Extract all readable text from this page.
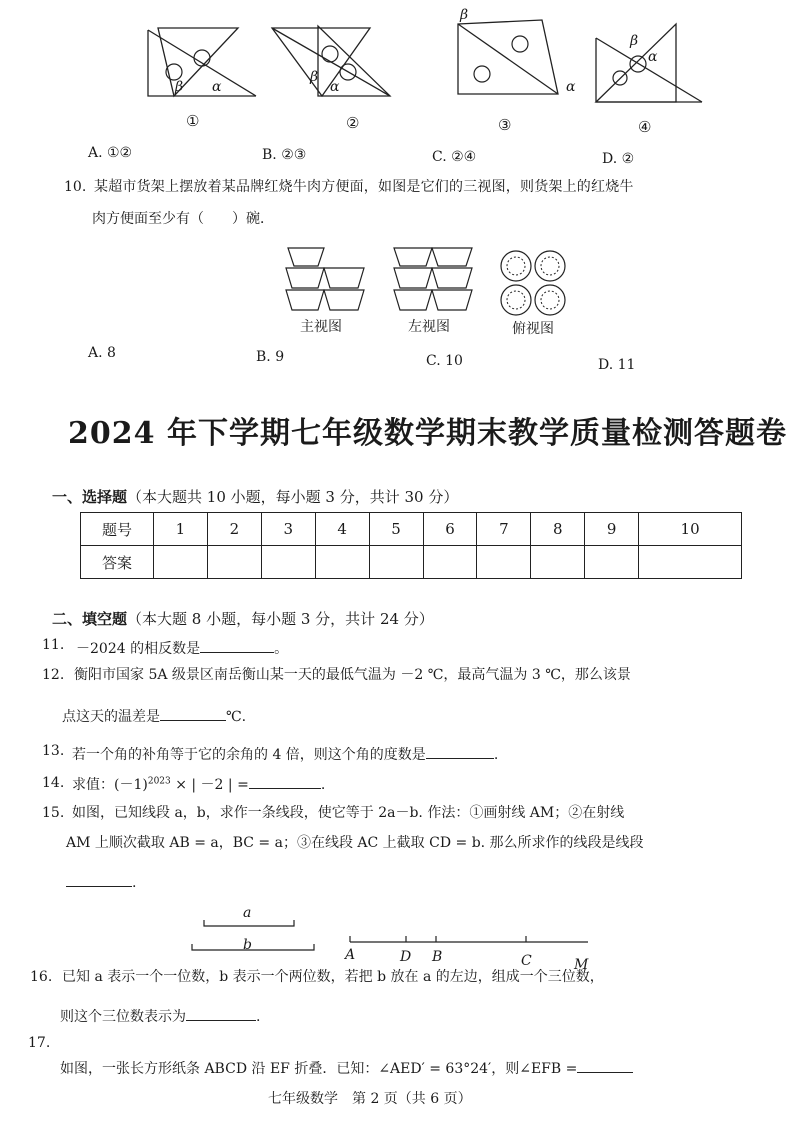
α
β
β
α
β
α
β
α
①	②	③	④
A. ①②	B. ②③	C. ②④	D. ②
10. 某超市货架上摆放着某品牌红烧牛肉方便面，如图是它们的三视图，则货架上的红烧牛
肉方便面至少有（　　）碗．
主视图	左视图	俯视图
A. 8	B. 9	C. 10	D. 11
2024 年下学期七年级数学期末教学质量检测答题卷
一、选择题（本大题共 10 小题，每小题 3 分，共计 30 分）
题号	1	2	3	4	5	6	7	8	9	10
答案										
二、填空题（本大题 8 小题，每小题 3 分，共计 24 分）
11. －2024 的相反数是	。
12. 衡阳市国家 5A 级景区南岳衡山某一天的最低气温为 －2 ℃，最高气温为 3 ℃，那么该景
点这天的温差是	℃.
13. 若一个角的补角等于它的余角的 4 倍，则这个角的度数是	.
14. 求值：$(-1)^{2023}$ × | －2 | =	.
15. 如图，已知线段 a，b，求作一条线段，使它等于 2a－b. 作法：①画射线 AM；②在射线
AM 上顺次截取 AB = a，BC = a；③在线段 AC 上截取 CD = b. 那么所求作的线段是线段
.
a
b
A	D B	C	M
16. 已知 a 表示一个一位数，b 表示一个两位数，若把 b 放在 a 的左边，组成一个三位数，
则这个三位数表示为	.
17.
如图，一张长方形纸条 ABCD 沿 EF 折叠．已知：∠AED′ = 63°24′，则∠EFB =
七年级数学　第 2 页（共 6 页）
